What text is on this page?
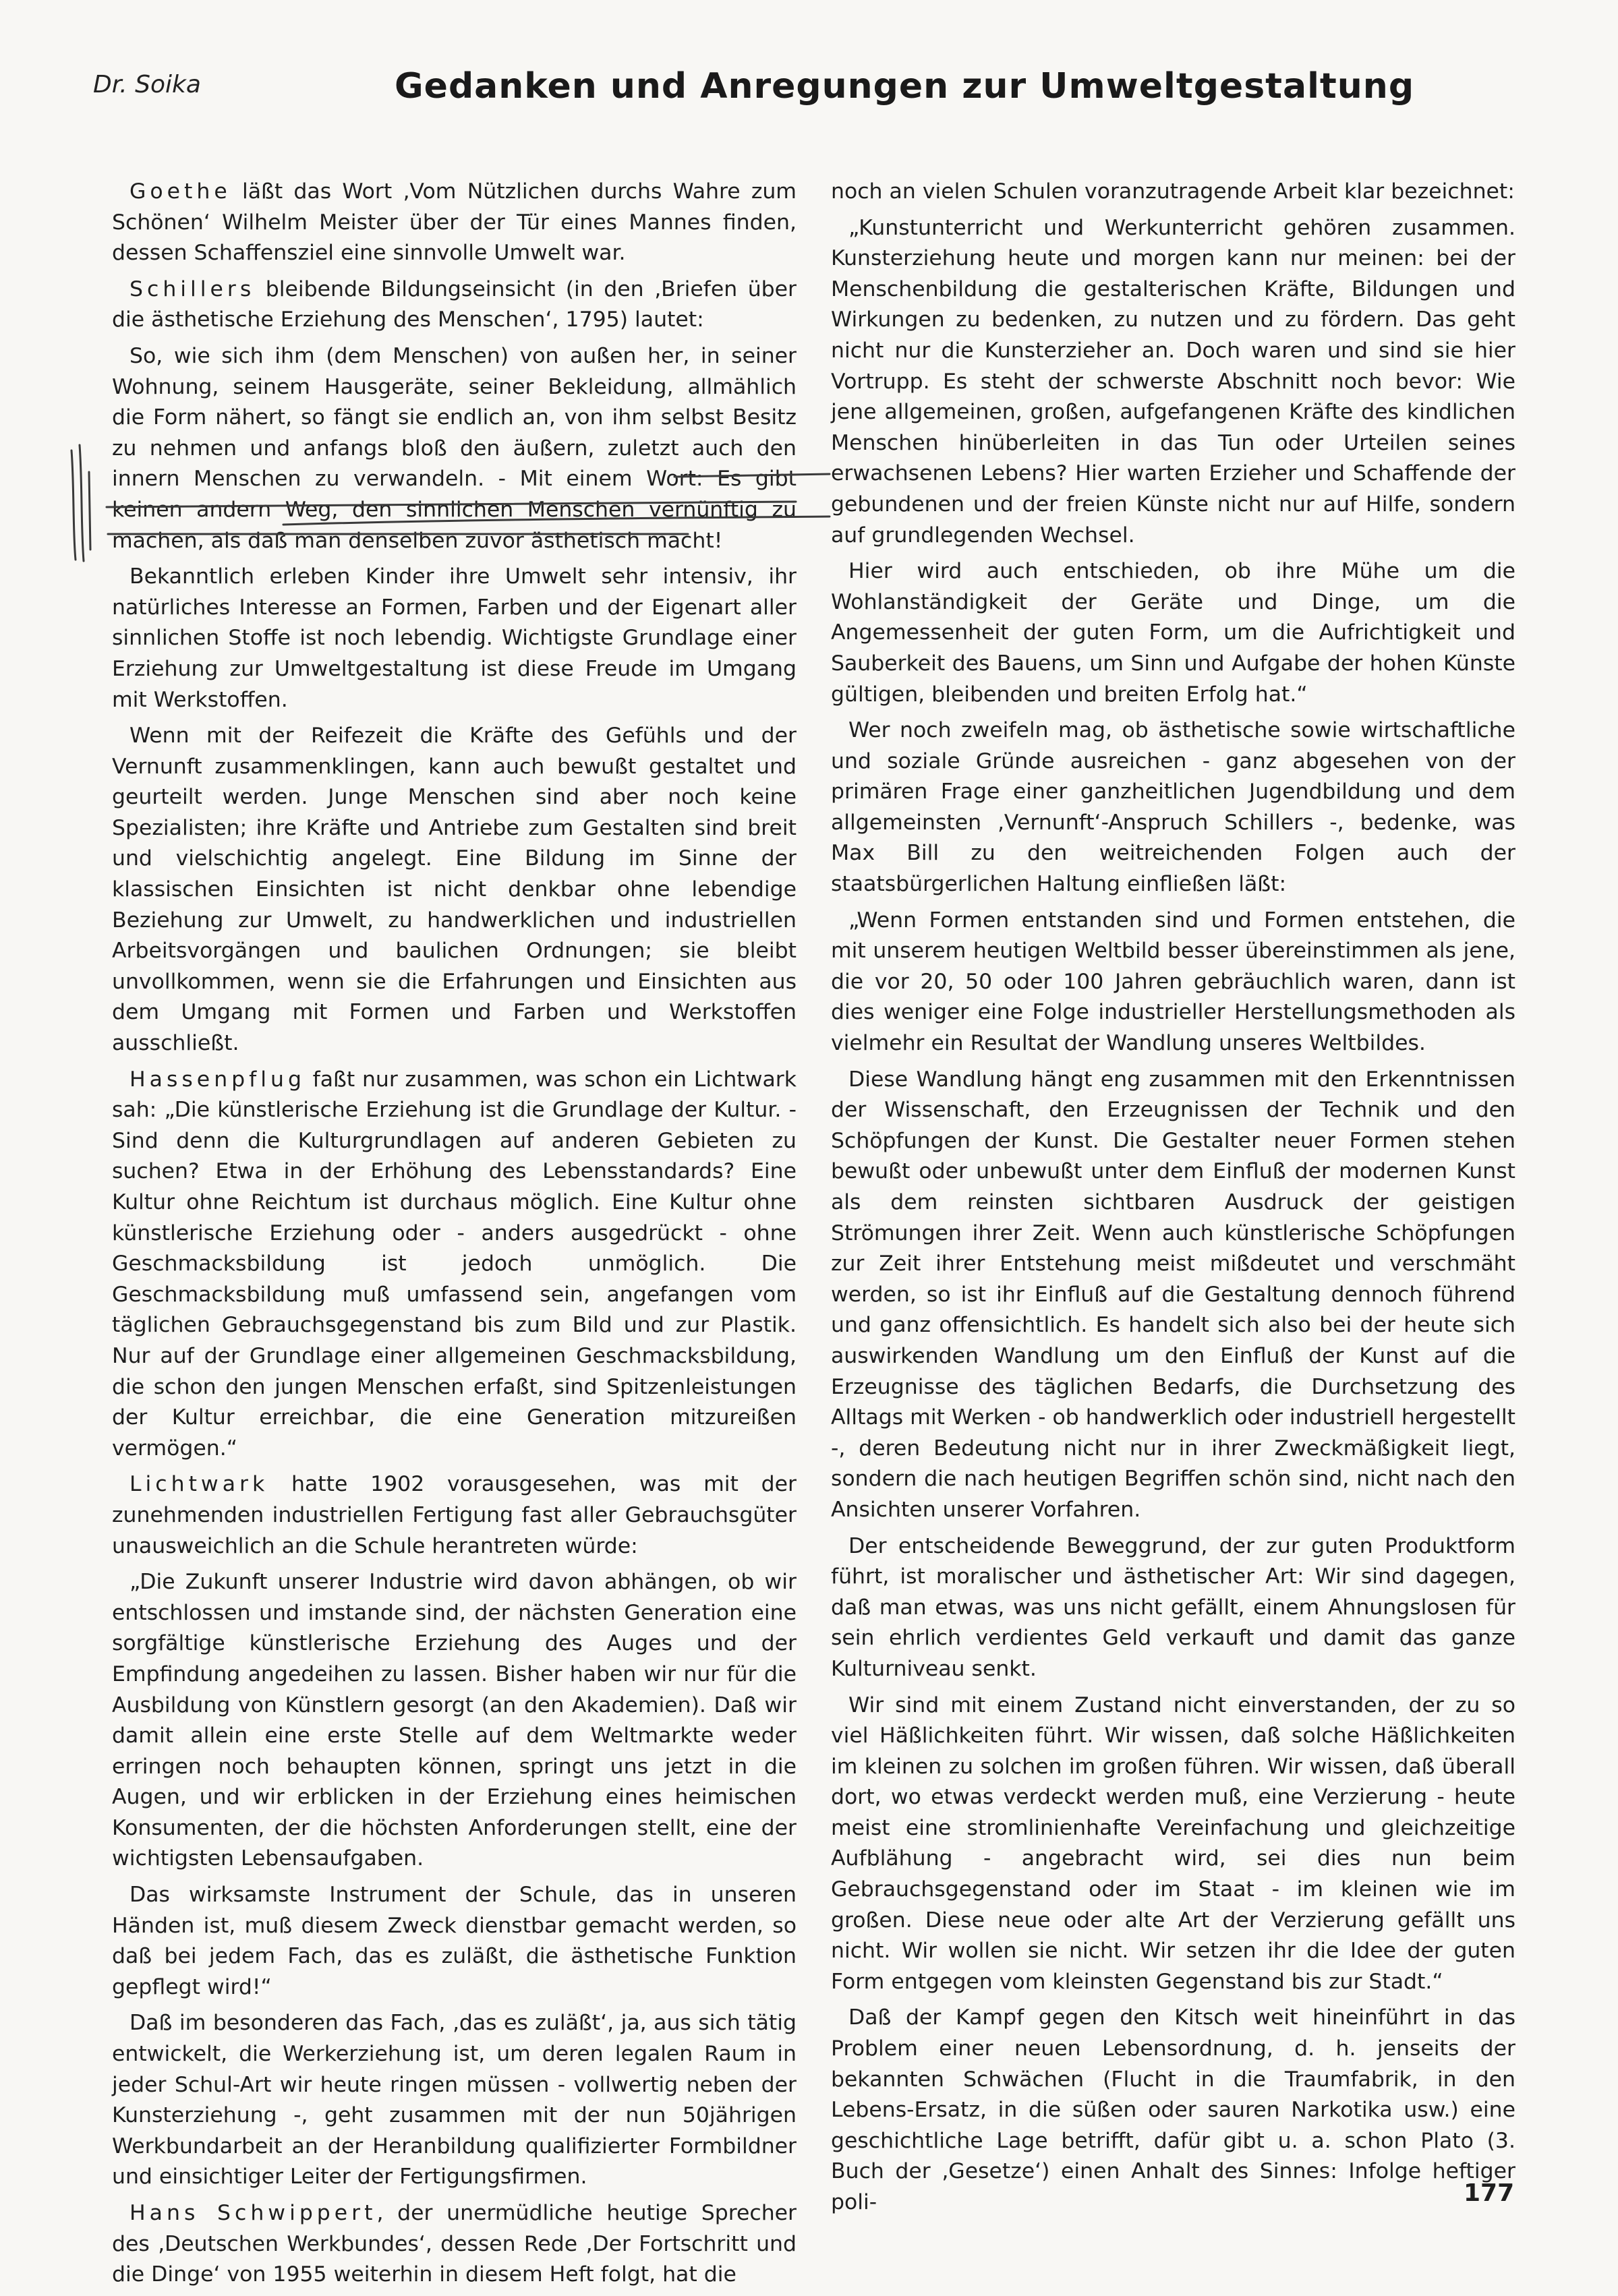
Dr. Soika	Gedanken und Anregungen zur Umweltgestaltung

Goethe läßt das Wort ‚Vom Nützlichen durchs Wahre zum Schönen‘ Wilhelm Meister über der Tür eines Mannes finden, dessen Schaffensziel eine sinnvolle Umwelt war.

Schillers bleibende Bildungseinsicht (in den ‚Briefen über die ästhetische Erziehung des Menschen‘, 1795) lautet:

So, wie sich ihm (dem Menschen) von außen her, in seiner Wohnung, seinem Hausgeräte, seiner Bekleidung, allmählich die Form nähert, so fängt sie endlich an, von ihm selbst Besitz zu nehmen und anfangs bloß den äußern, zuletzt auch den innern Menschen zu verwandeln. - Mit einem Wort: Es gibt keinen andern Weg, den sinnlichen Menschen vernünftig zu machen, als daß man denselben zuvor ästhetisch macht!

Bekanntlich erleben Kinder ihre Umwelt sehr intensiv, ihr natürliches Interesse an Formen, Farben und der Eigenart aller sinnlichen Stoffe ist noch lebendig. Wichtigste Grundlage einer Erziehung zur Umweltgestaltung ist diese Freude im Umgang mit Werkstoffen.

Wenn mit der Reifezeit die Kräfte des Gefühls und der Vernunft zusammenklingen, kann auch bewußt gestaltet und geurteilt werden. Junge Menschen sind aber noch keine Spezialisten; ihre Kräfte und Antriebe zum Gestalten sind breit und vielschichtig angelegt. Eine Bildung im Sinne der klassischen Einsichten ist nicht denkbar ohne lebendige Beziehung zur Umwelt, zu handwerklichen und industriellen Arbeitsvorgängen und baulichen Ordnungen; sie bleibt unvollkommen, wenn sie die Erfahrungen und Einsichten aus dem Umgang mit Formen und Farben und Werkstoffen ausschließt.

Hassenpflug faßt nur zusammen, was schon ein Lichtwark sah: „Die künstlerische Erziehung ist die Grundlage der Kultur. - Sind denn die Kulturgrundlagen auf anderen Gebieten zu suchen? Etwa in der Erhöhung des Lebensstandards? Eine Kultur ohne Reichtum ist durchaus möglich. Eine Kultur ohne künstlerische Erziehung oder - anders ausgedrückt - ohne Geschmacksbildung ist jedoch unmöglich. Die Geschmacksbildung muß umfassend sein, angefangen vom täglichen Gebrauchsgegenstand bis zum Bild und zur Plastik. Nur auf der Grundlage einer allgemeinen Geschmacksbildung, die schon den jungen Menschen erfaßt, sind Spitzenleistungen der Kultur erreichbar, die eine Generation mitzureißen vermögen.“

Lichtwark hatte 1902 vorausgesehen, was mit der zunehmenden industriellen Fertigung fast aller Gebrauchsgüter unausweichlich an die Schule herantreten würde:

„Die Zukunft unserer Industrie wird davon abhängen, ob wir entschlossen und imstande sind, der nächsten Generation eine sorgfältige künstlerische Erziehung des Auges und der Empfindung angedeihen zu lassen. Bisher haben wir nur für die Ausbildung von Künstlern gesorgt (an den Akademien). Daß wir damit allein eine erste Stelle auf dem Weltmarkte weder erringen noch behaupten können, springt uns jetzt in die Augen, und wir erblicken in der Erziehung eines heimischen Konsumenten, der die höchsten Anforderungen stellt, eine der wichtigsten Lebensaufgaben.

Das wirksamste Instrument der Schule, das in unseren Händen ist, muß diesem Zweck dienstbar gemacht werden, so daß bei jedem Fach, das es zuläßt, die ästhetische Funktion gepflegt wird!“

Daß im besonderen das Fach, ‚das es zuläßt‘, ja, aus sich tätig entwickelt, die Werkerziehung ist, um deren legalen Raum in jeder Schul-Art wir heute ringen müssen - vollwertig neben der Kunsterziehung -, geht zusammen mit der nun 50jährigen Werkbundarbeit an der Heranbildung qualifizierter Formbildner und einsichtiger Leiter der Fertigungsfirmen.

Hans Schwippert, der unermüdliche heutige Sprecher des ‚Deutschen Werkbundes‘, dessen Rede ‚Der Fortschritt und die Dinge‘ von 1955 weiterhin in diesem Heft folgt, hat die

noch an vielen Schulen voranzutragende Arbeit klar bezeichnet:

„Kunstunterricht und Werkunterricht gehören zusammen. Kunsterziehung heute und morgen kann nur meinen: bei der Menschenbildung die gestalterischen Kräfte, Bildungen und Wirkungen zu bedenken, zu nutzen und zu fördern. Das geht nicht nur die Kunsterzieher an. Doch waren und sind sie hier Vortrupp. Es steht der schwerste Abschnitt noch bevor: Wie jene allgemeinen, großen, aufgefangenen Kräfte des kindlichen Menschen hinüberleiten in das Tun oder Urteilen seines erwachsenen Lebens? Hier warten Erzieher und Schaffende der gebundenen und der freien Künste nicht nur auf Hilfe, sondern auf grundlegenden Wechsel.

Hier wird auch entschieden, ob ihre Mühe um die Wohlanständigkeit der Geräte und Dinge, um die Angemessenheit der guten Form, um die Aufrichtigkeit und Sauberkeit des Bauens, um Sinn und Aufgabe der hohen Künste gültigen, bleibenden und breiten Erfolg hat.“

Wer noch zweifeln mag, ob ästhetische sowie wirtschaftliche und soziale Gründe ausreichen - ganz abgesehen von der primären Frage einer ganzheitlichen Jugendbildung und dem allgemeinsten ‚Vernunft‘-Anspruch Schillers -, bedenke, was Max Bill zu den weitreichenden Folgen auch der staatsbürgerlichen Haltung einfließen läßt:

„Wenn Formen entstanden sind und Formen entstehen, die mit unserem heutigen Weltbild besser übereinstimmen als jene, die vor 20, 50 oder 100 Jahren gebräuchlich waren, dann ist dies weniger eine Folge industrieller Herstellungsmethoden als vielmehr ein Resultat der Wandlung unseres Weltbildes.

Diese Wandlung hängt eng zusammen mit den Erkenntnissen der Wissenschaft, den Erzeugnissen der Technik und den Schöpfungen der Kunst. Die Gestalter neuer Formen stehen bewußt oder unbewußt unter dem Einfluß der modernen Kunst als dem reinsten sichtbaren Ausdruck der geistigen Strömungen ihrer Zeit. Wenn auch künstlerische Schöpfungen zur Zeit ihrer Entstehung meist mißdeutet und verschmäht werden, so ist ihr Einfluß auf die Gestaltung dennoch führend und ganz offensichtlich. Es handelt sich also bei der heute sich auswirkenden Wandlung um den Einfluß der Kunst auf die Erzeugnisse des täglichen Bedarfs, die Durchsetzung des Alltags mit Werken - ob handwerklich oder industriell hergestellt -, deren Bedeutung nicht nur in ihrer Zweckmäßigkeit liegt, sondern die nach heutigen Begriffen schön sind, nicht nach den Ansichten unserer Vorfahren.

Der entscheidende Beweggrund, der zur guten Produktform führt, ist moralischer und ästhetischer Art: Wir sind dagegen, daß man etwas, was uns nicht gefällt, einem Ahnungslosen für sein ehrlich verdientes Geld verkauft und damit das ganze Kulturniveau senkt.

Wir sind mit einem Zustand nicht einverstanden, der zu so viel Häßlichkeiten führt. Wir wissen, daß solche Häßlichkeiten im kleinen zu solchen im großen führen. Wir wissen, daß überall dort, wo etwas verdeckt werden muß, eine Verzierung - heute meist eine stromlinienhafte Vereinfachung und gleichzeitige Aufblähung - angebracht wird, sei dies nun beim Gebrauchsgegenstand oder im Staat - im kleinen wie im großen. Diese neue oder alte Art der Verzierung gefällt uns nicht. Wir wollen sie nicht. Wir setzen ihr die Idee der guten Form entgegen vom kleinsten Gegenstand bis zur Stadt.“

Daß der Kampf gegen den Kitsch weit hineinführt in das Problem einer neuen Lebensordnung, d. h. jenseits der bekannten Schwächen (Flucht in die Traumfabrik, in den Lebens-Ersatz, in die süßen oder sauren Narkotika usw.) eine geschichtliche Lage betrifft, dafür gibt u. a. schon Plato (3. Buch der ‚Gesetze‘) einen Anhalt des Sinnes: Infolge heftiger poli-	177
